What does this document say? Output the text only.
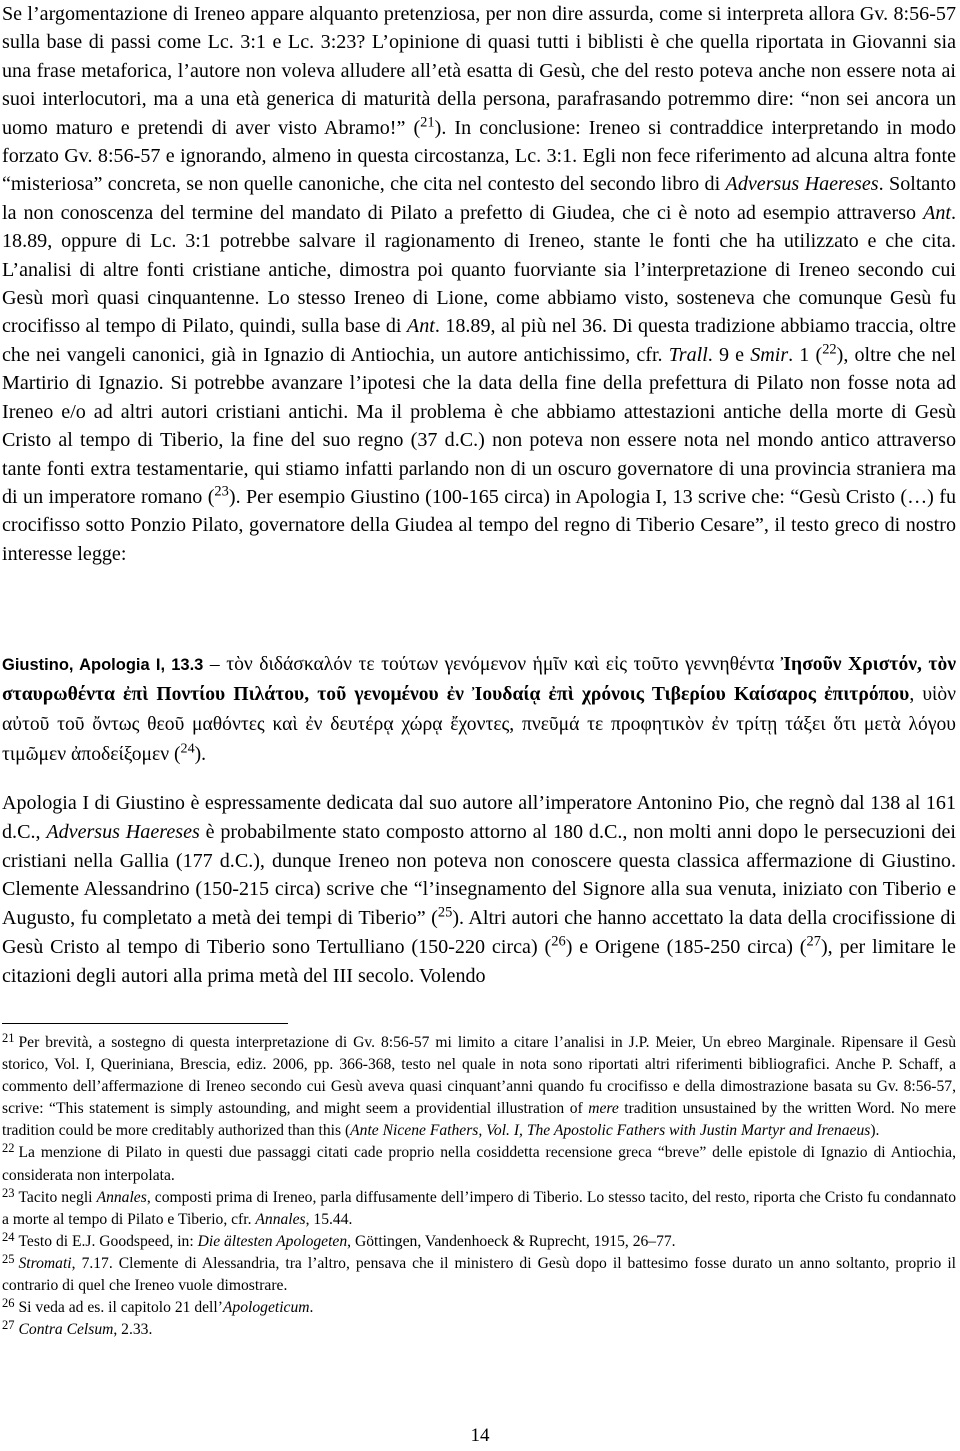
Se l’argomentazione di Ireneo appare alquanto pretenziosa, per non dire assurda, come si interpreta allora Gv. 8:56-57 sulla base di passi come Lc. 3:1 e Lc. 3:23? L’opinione di quasi tutti i biblisti è che quella riportata in Giovanni sia una frase metaforica, l’autore non voleva alludere all’età esatta di Gesù, che del resto poteva anche non essere nota ai suoi interlocutori, ma a una età generica di maturità della persona, parafrasando potremmo dire: “non sei ancora un uomo maturo e pretendi di aver visto Abramo!” ($^{21}$). In conclusione: Ireneo si contraddice interpretando in modo forzato Gv. 8:56-57 e ignorando, almeno in questa circostanza, Lc. 3:1. Egli non fece riferimento ad alcuna altra fonte “misteriosa” concreta, se non quelle canoniche, che cita nel contesto del secondo libro di Adversus Haereses. Soltanto la non conoscenza del termine del mandato di Pilato a prefetto di Giudea, che ci è noto ad esempio attraverso Ant. 18.89, oppure di Lc. 3:1 potrebbe salvare il ragionamento di Ireneo, stante le fonti che ha utilizzato e che cita. L’analisi di altre fonti cristiane antiche, dimostra poi quanto fuorviante sia l’interpretazione di Ireneo secondo cui Gesù morì quasi cinquantenne. Lo stesso Ireneo di Lione, come abbiamo visto, sosteneva che comunque Gesù fu crocifisso al tempo di Pilato, quindi, sulla base di Ant. 18.89, al più nel 36. Di questa tradizione abbiamo traccia, oltre che nei vangeli canonici, già in Ignazio di Antiochia, un autore antichissimo, cfr. Trall. 9 e Smir. 1 ($^{22}$), oltre che nel Martirio di Ignazio. Si potrebbe avanzare l’ipotesi che la data della fine della prefettura di Pilato non fosse nota ad Ireneo e/o ad altri autori cristiani antichi. Ma il problema è che abbiamo attestazioni antiche della morte di Gesù Cristo al tempo di Tiberio, la fine del suo regno (37 d.C.) non poteva non essere nota nel mondo antico attraverso tante fonti extra testamentarie, qui stiamo infatti parlando non di un oscuro governatore di una provincia straniera ma di un imperatore romano ($^{23}$). Per esempio Giustino (100-165 circa) in Apologia I, 13 scrive che: “Gesù Cristo (…) fu crocifisso sotto Ponzio Pilato, governatore della Giudea al tempo del regno di Tiberio Cesare”, il testo greco di nostro interesse legge:
Giustino, Apologia I, 13.3 – τὸν διδάσκαλόν τε τούτων γενόμενον ἡμῖν καὶ εἰς τοῦτο γεννηθέντα Ἰησοῦν Χριστόν, τὸν σταυρωθέντα ἐπὶ Ποντίου Πιλάτου, τοῦ γενομένου ἐν Ἰουδαίᾳ ἐπὶ χρόνοις Τιβερίου Καίσαρος ἐπιτρόπου, υἱὸν αὐτοῦ τοῦ ὄντως θεοῦ μαθόντες καὶ ἐν δευτέρᾳ χώρᾳ ἔχοντες, πνεῦμά τε προφητικὸν ἐν τρίτῃ τάξει ὅτι μετὰ λόγου τιμῶμεν ἀποδείξομεν ($^{24}$).
Apologia I di Giustino è espressamente dedicata dal suo autore all’imperatore Antonino Pio, che regnò dal 138 al 161 d.C., Adversus Haereses è probabilmente stato composto attorno al 180 d.C., non molti anni dopo le persecuzioni dei cristiani nella Gallia (177 d.C.), dunque Ireneo non poteva non conoscere questa classica affermazione di Giustino. Clemente Alessandrino (150-215 circa) scrive che “l’insegnamento del Signore alla sua venuta, iniziato con Tiberio e Augusto, fu completato a metà dei tempi di Tiberio” ($^{25}$). Altri autori che hanno accettato la data della crocifissione di Gesù Cristo al tempo di Tiberio sono Tertulliano (150-220 circa) ($^{26}$) e Origene (185-250 circa) ($^{27}$), per limitare le citazioni degli autori alla prima metà del III secolo. Volendo

$^{21}$ Per brevità, a sostegno di questa interpretazione di Gv. 8:56-57 mi limito a citare l’analisi in J.P. Meier, Un ebreo Marginale. Ripensare il Gesù storico, Vol. I, Queriniana, Brescia, ediz. 2006, pp. 366-368, testo nel quale in nota sono riportati altri riferimenti bibliografici. Anche P. Schaff, a commento dell’affermazione di Ireneo secondo cui Gesù aveva quasi cinquant’anni quando fu crocifisso e della dimostrazione basata su Gv. 8:56-57, scrive: “This statement is simply astounding, and might seem a providential illustration of mere tradition unsustained by the written Word. No mere tradition could be more creditably authorized than this (Ante Nicene Fathers, Vol. I, The Apostolic Fathers with Justin Martyr and Irenaeus).

$^{22}$ La menzione di Pilato in questi due passaggi citati cade proprio nella cosiddetta recensione greca “breve” delle epistole di Ignazio di Antiochia, considerata non interpolata.

$^{23}$ Tacito negli Annales, composti prima di Ireneo, parla diffusamente dell’impero di Tiberio. Lo stesso tacito, del resto, riporta che Cristo fu condannato a morte al tempo di Pilato e Tiberio, cfr. Annales, 15.44.

$^{24}$ Testo di E.J. Goodspeed, in: Die ältesten Apologeten, Göttingen, Vandenhoeck & Ruprecht, 1915, 26–77.

$^{25}$ Stromati, 7.17. Clemente di Alessandria, tra l’altro, pensava che il ministero di Gesù dopo il battesimo fosse durato un anno soltanto, proprio il contrario di quel che Ireneo vuole dimostrare.

$^{26}$ Si veda ad es. il capitolo 21 dell’Apologeticum.

$^{27}$ Contra Celsum, 2.33.

14
